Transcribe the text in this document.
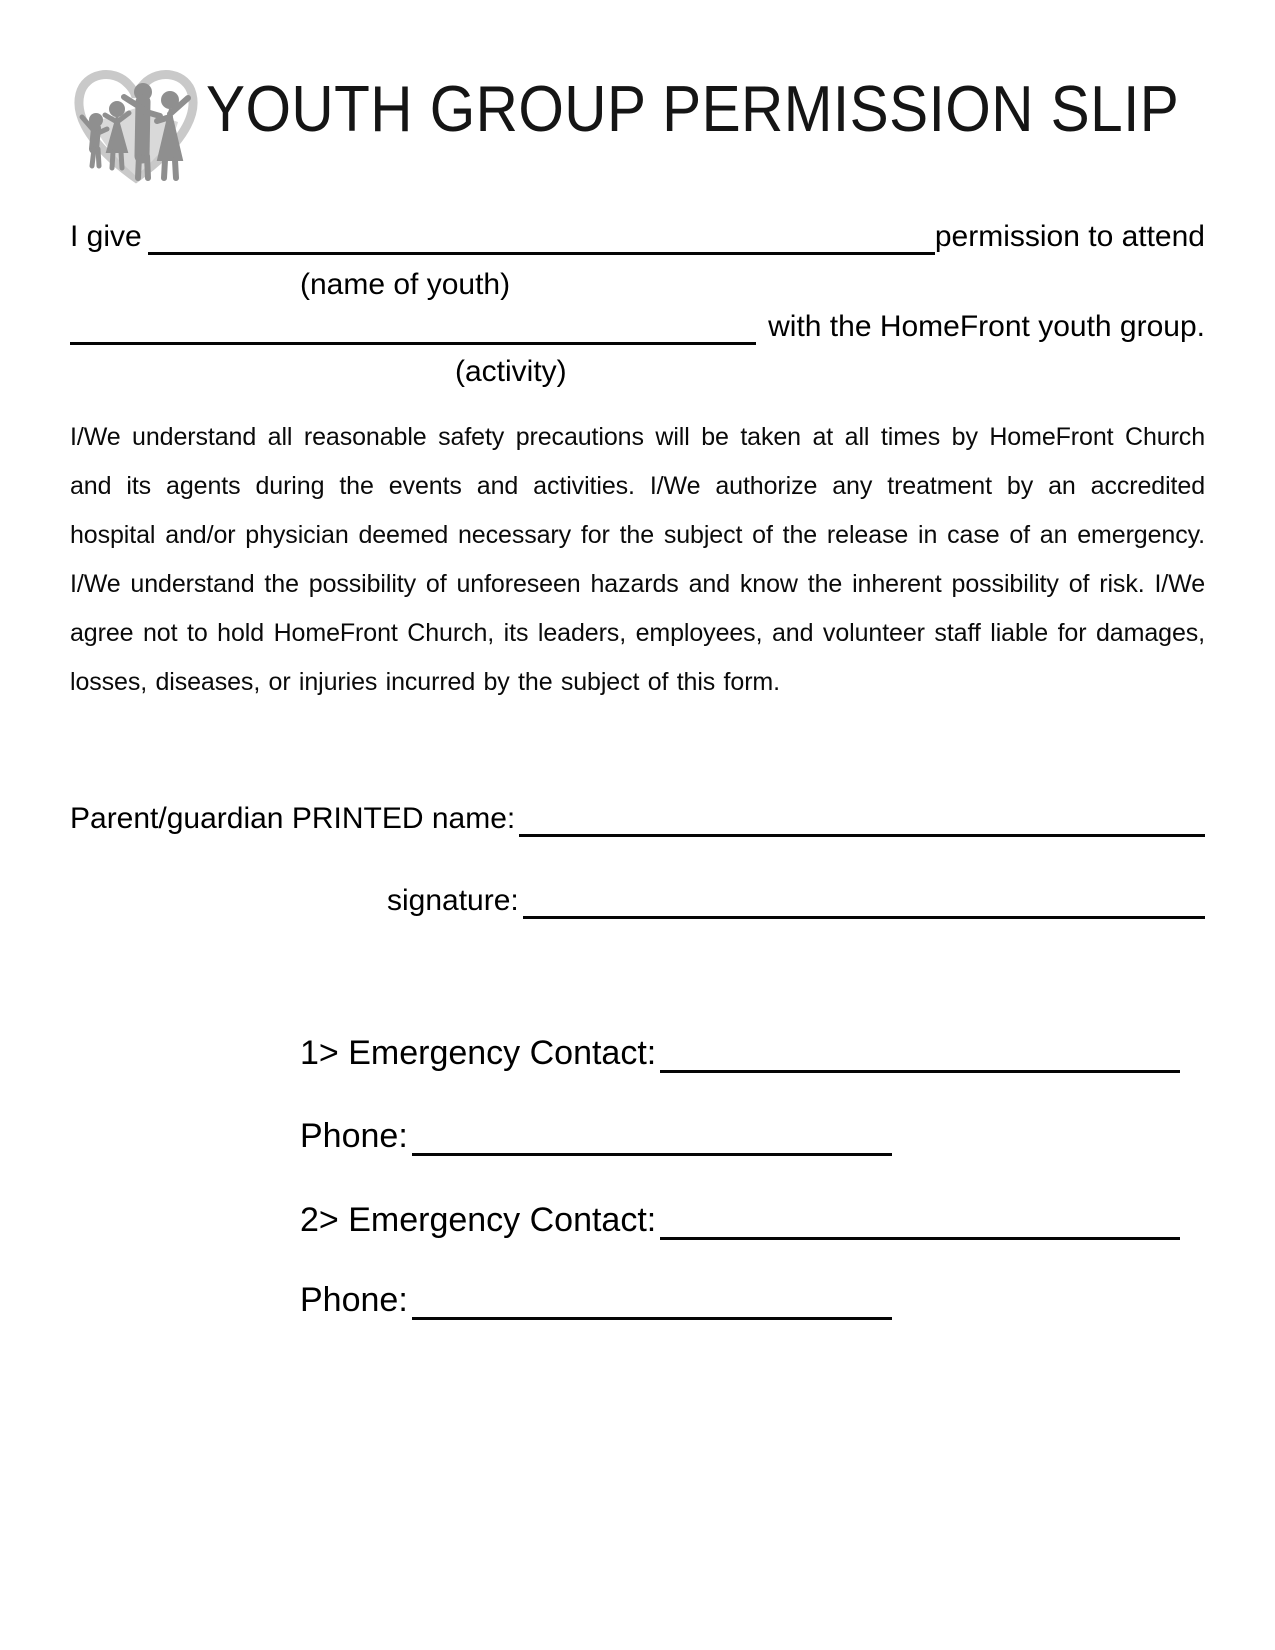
YOUTH GROUP PERMISSION SLIP
I give	permission to attend
(name of youth)
with the HomeFront youth group.
(activity)
I/We understand all reasonable safety precautions will be taken at all times by HomeFront Church and its agents during the events and activities. I/We authorize any treatment by an accredited hospital and/or physician deemed necessary for the subject of the release in case of an emergency. I/We understand the possibility of unforeseen hazards and know the inherent possibility of risk. I/We agree not to hold HomeFront Church, its leaders, employees, and volunteer staff liable for damages, losses, diseases, or injuries incurred by the subject of this form.
Parent/guardian PRINTED name:
signature:
1> Emergency Contact:
Phone:
2> Emergency Contact:
Phone:
